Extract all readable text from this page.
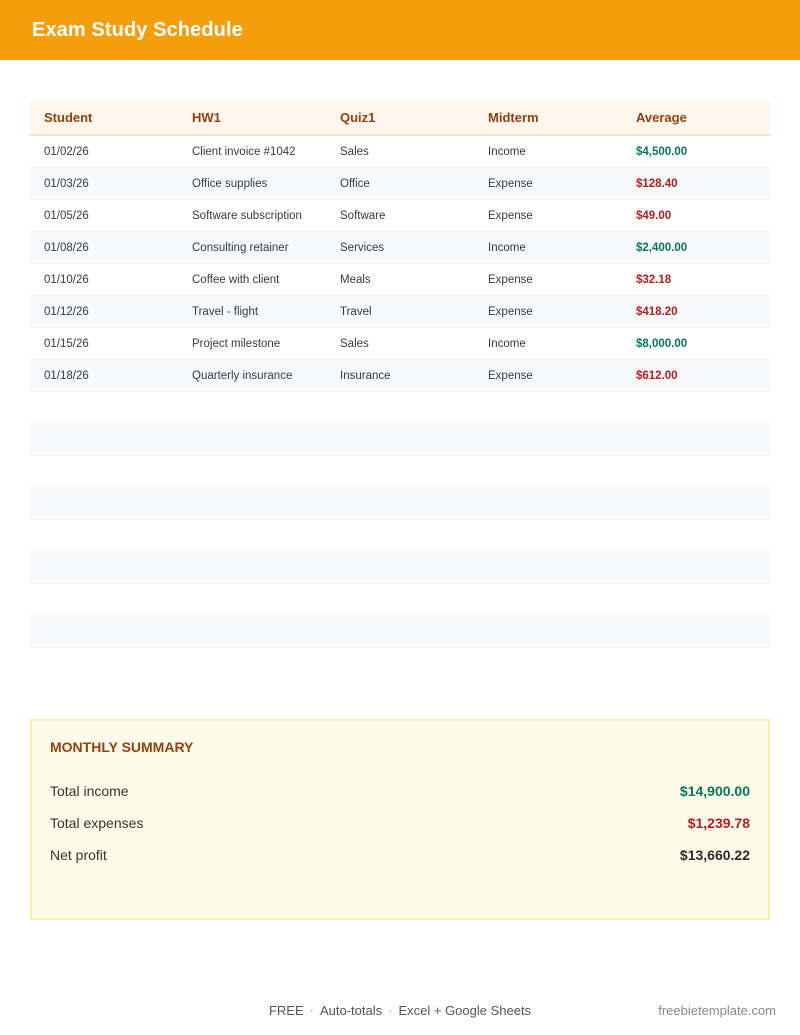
Exam Study Schedule
Student	HW1	Quiz1	Midterm	Average
01/02/26	Client invoice #1042	Sales	Income	$4,500.00
01/03/26	Office supplies	Office	Expense	$128.40
01/05/26	Software subscription	Software	Expense	$49.00
01/08/26	Consulting retainer	Services	Income	$2,400.00
01/10/26	Coffee with client	Meals	Expense	$32.18
01/12/26	Travel - flight	Travel	Expense	$418.20
01/15/26	Project milestone	Sales	Income	$8,000.00
01/18/26	Quarterly insurance	Insurance	Expense	$612.00
MONTHLY SUMMARY
Total income	$14,900.00
Total expenses	$1,239.78
Net profit	$13,660.22
FREE · Auto-totals · Excel + Google Sheets	freebietemplate.com
